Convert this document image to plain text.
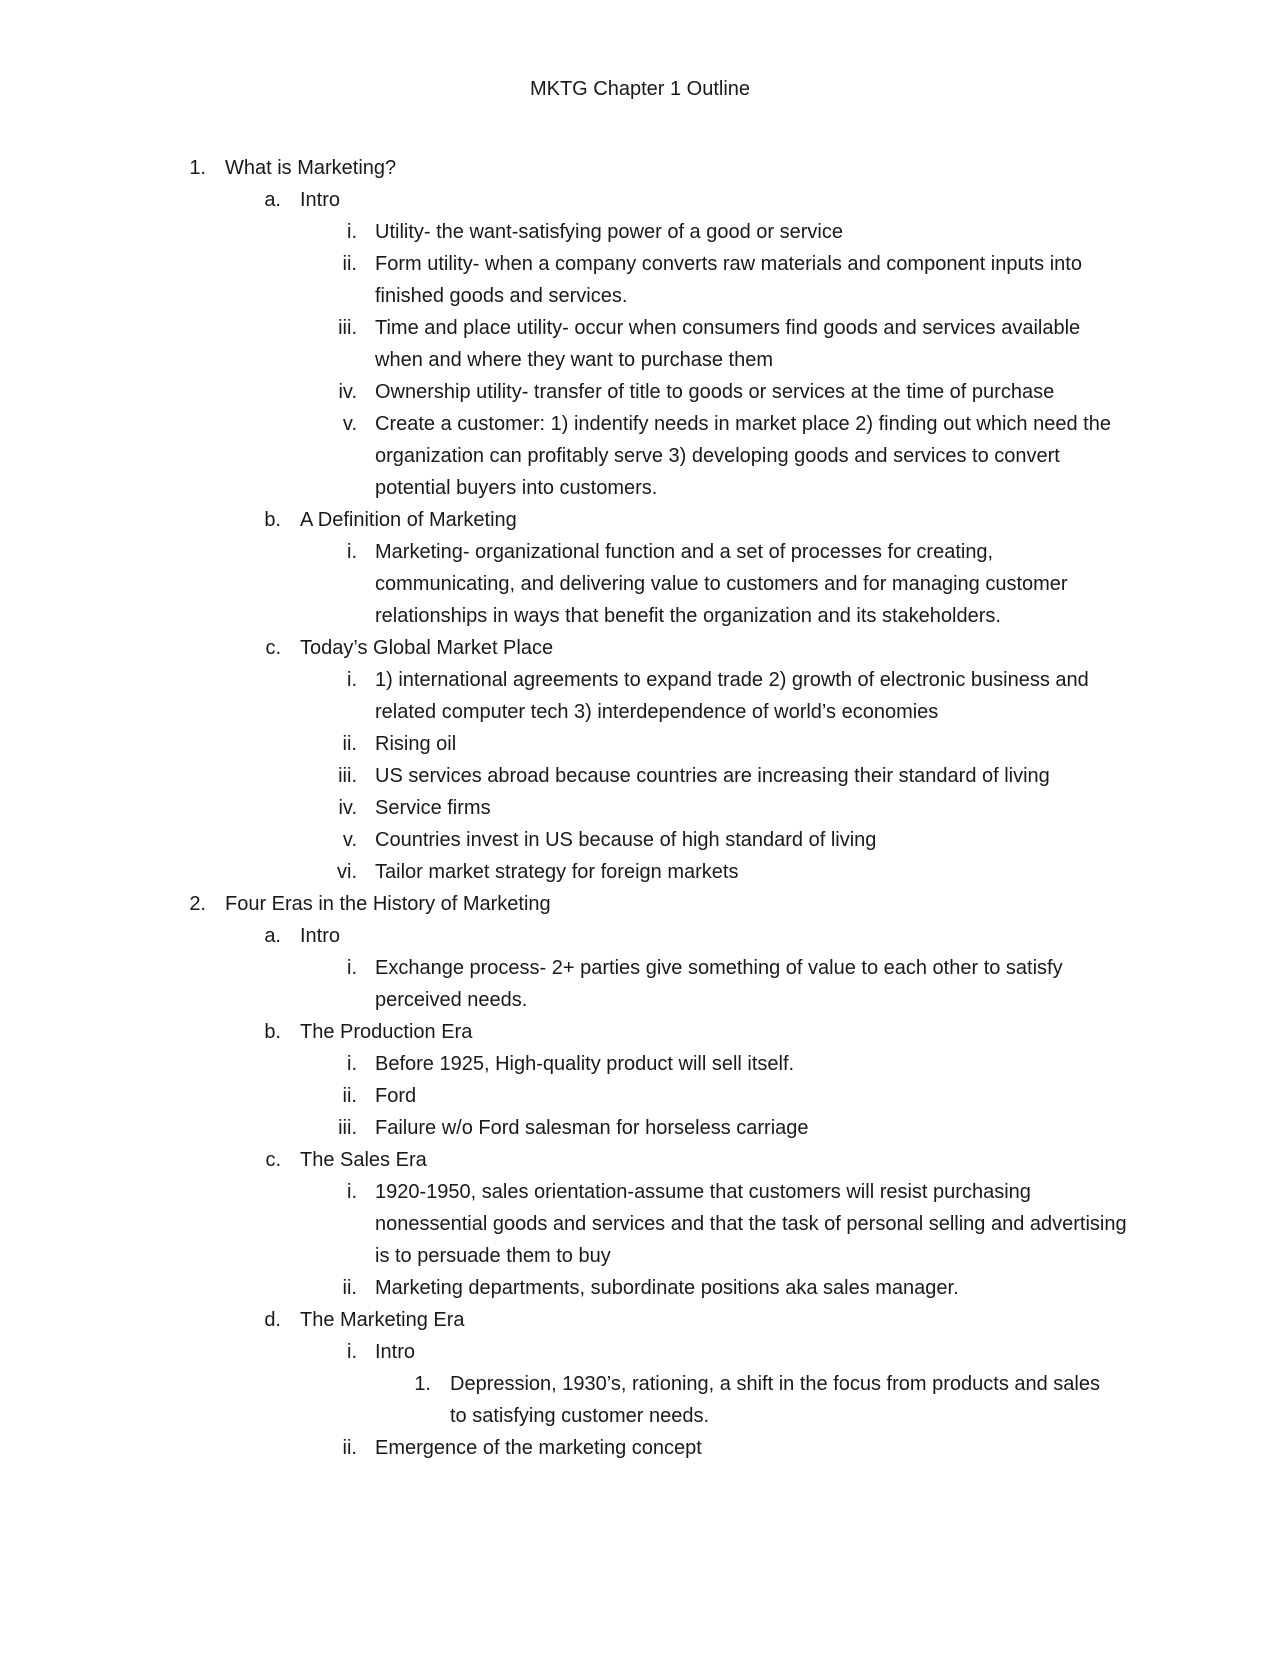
MKTG Chapter 1 Outline
1. What is Marketing?
a. Intro
i. Utility- the want-satisfying power of a good or service
ii. Form utility- when a company converts raw materials and component inputs into finished goods and services.
iii. Time and place utility- occur when consumers find goods and services available when and where they want to purchase them
iv. Ownership utility- transfer of title to goods or services at the time of purchase
v. Create a customer: 1) indentify needs in market place 2) finding out which need the organization can profitably serve 3) developing goods and services to convert potential buyers into customers.
b. A Definition of Marketing
i. Marketing- organizational function and a set of processes for creating, communicating, and delivering value to customers and for managing customer relationships in ways that benefit the organization and its stakeholders.
c. Today’s Global Market Place
i. 1) international agreements to expand trade 2) growth of electronic business and related computer tech 3) interdependence of world’s economies
ii. Rising oil
iii. US services abroad because countries are increasing their standard of living
iv. Service firms
v. Countries invest in US because of high standard of living
vi. Tailor market strategy for foreign markets
2. Four Eras in the History of Marketing
a. Intro
i. Exchange process- 2+ parties give something of value to each other to satisfy perceived needs.
b. The Production Era
i. Before 1925, High-quality product will sell itself.
ii. Ford
iii. Failure w/o Ford salesman for horseless carriage
c. The Sales Era
i. 1920-1950, sales orientation-assume that customers will resist purchasing nonessential goods and services and that the task of personal selling and advertising is to persuade them to buy
ii. Marketing departments, subordinate positions aka sales manager.
d. The Marketing Era
i. Intro
1. Depression, 1930’s, rationing, a shift in the focus from products and sales to satisfying customer needs.
ii. Emergence of the marketing concept
